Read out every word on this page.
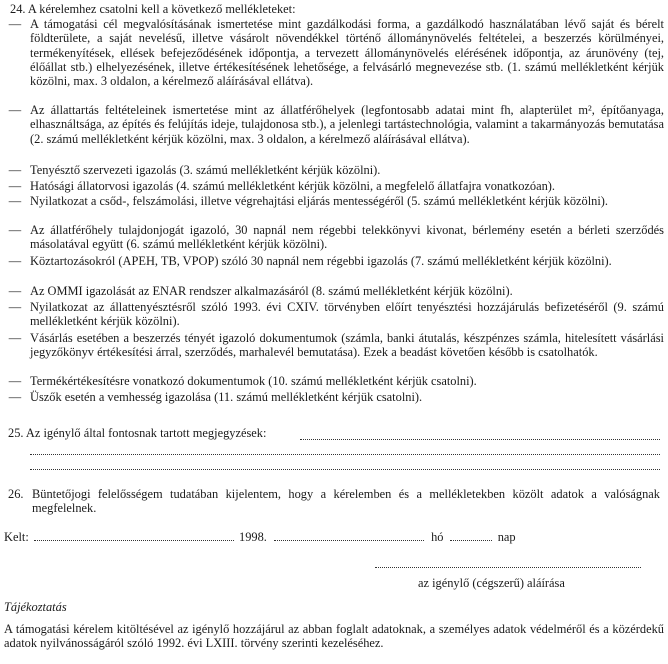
24. A kérelemhez csatolni kell a következő mellékleteket:
— A támogatási cél megvalósításának ismertetése mint gazdálkodási forma, a gazdálkodó használatában lévő saját és bérelt földterülete, a saját nevelésű, illetve vásárolt növendékkel történő állománynövelés feltételei, a beszerzés körülményei, termékenyítések, ellések befejeződésének időpontja, a tervezett állománynövelés elérésének időpontja, az árunövény (tej, élőállat stb.) elhelyezésének, illetve értékesítésének lehetősége, a felvásárló megnevezése stb. (1. számú mellékletként kérjük közölni, max. 3 oldalon, a kérelmező aláírásával ellátva).
— Az állattartás feltételeinek ismertetése mint az állatférőhelyek (legfontosabb adatai mint fh, alapterület m², építőanyaga, elhasználtsága, az építés és felújítás ideje, tulajdonosa stb.), a jelenlegi tartástechnológia, valamint a takarmányozás bemutatása (2. számú mellékletként kérjük közölni, max. 3 oldalon, a kérelmező aláírásával ellátva).
— Tenyésztő szervezeti igazolás (3. számú mellékletként kérjük közölni).
— Hatósági állatorvosi igazolás (4. számú mellékletként kérjük közölni, a megfelelő állatfajra vonatkozóan).
— Nyilatkozat a csőd-, felszámolási, illetve végrehajtási eljárás mentességéről (5. számú mellékletként kérjük közölni).
— Az állatférőhely tulajdonjogát igazoló, 30 napnál nem régebbi telekkönyvi kivonat, bérlemény esetén a bérleti szerződés másolatával együtt (6. számú mellékletként kérjük közölni).
— Köztartozásokról (APEH, TB, VPOP) szóló 30 napnál nem régebbi igazolás (7. számú mellékletként kérjük közölni).
— Az OMMI igazolását az ENAR rendszer alkalmazásáról (8. számú mellékletként kérjük közölni).
— Nyilatkozat az állattenyésztésről szóló 1993. évi CXIV. törvényben előírt tenyésztési hozzájárulás befizetéséről (9. számú mellékletként kérjük közölni).
— Vásárlás esetében a beszerzés tényét igazoló dokumentumok (számla, banki átutalás, készpénzes számla, hitelesített vásárlási jegyzőkönyv értékesítési árral, szerződés, marhalevél bemutatása). Ezek a beadást követően később is csatolhatók.
— Termékértékesítésre vonatkozó dokumentumok (10. számú mellékletként kérjük csatolni).
— Üszők esetén a vemhesség igazolása (11. számú mellékletként kérjük csatolni).
25. Az igénylő által fontosnak tartott megjegyzések:
26. Büntetőjogi felelősségem tudatában kijelentem, hogy a kérelemben és a mellékletekben közölt adatok a valóságnak megfelelnek.
Kelt:	1998.	hó	nap
az igénylő (cégszerű) aláírása
Tájékoztatás
A támogatási kérelem kitöltésével az igénylő hozzájárul az abban foglalt adatoknak, a személyes adatok védelméről és a közérdekű adatok nyilvánosságáról szóló 1992. évi LXIII. törvény szerinti kezeléséhez.
